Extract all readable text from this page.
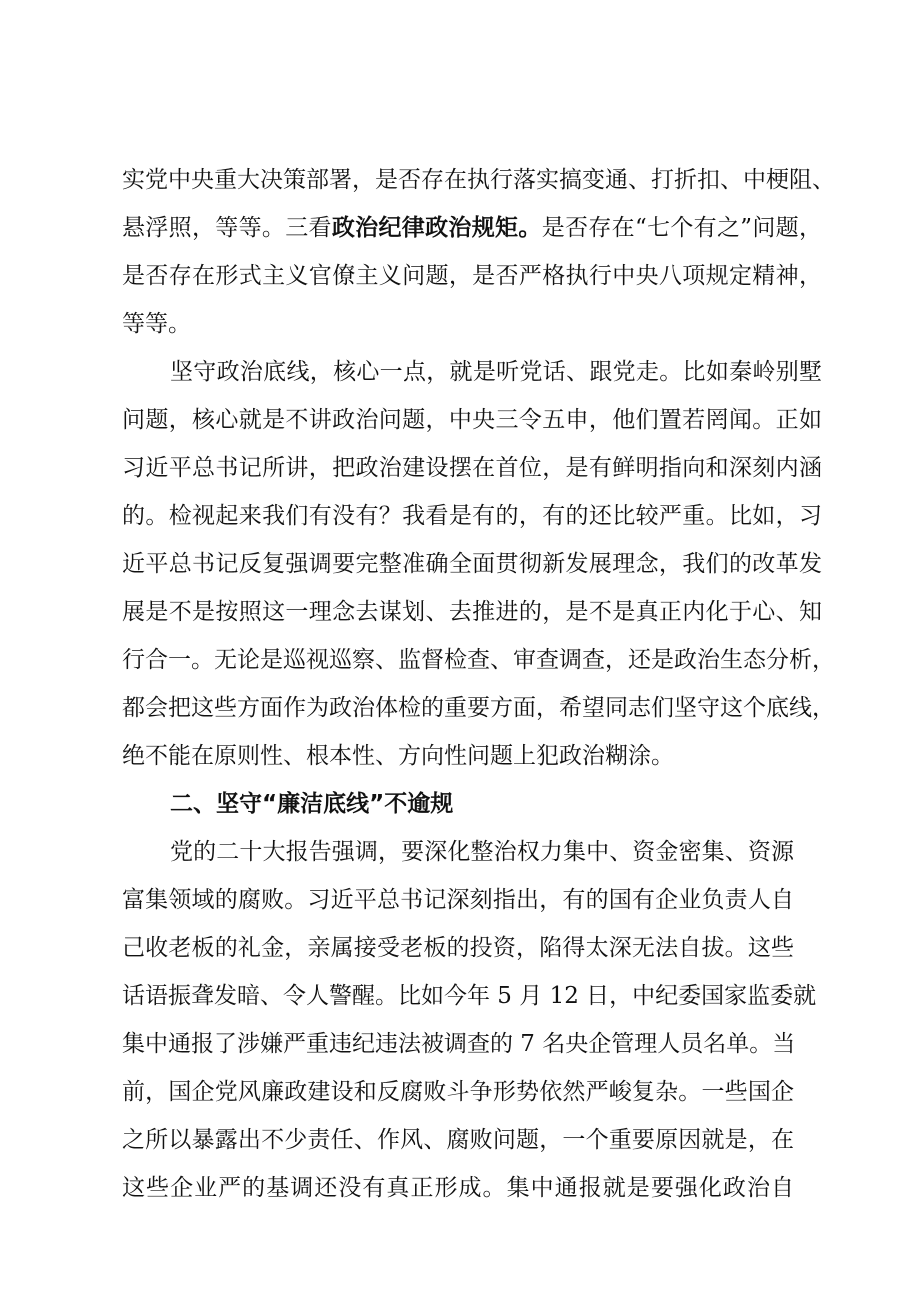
实党中央重大决策部署，是否存在执行落实搞变通、打折扣、中梗阻、
悬浮照，等等。三看政治纪律政治规矩。是否存在“七个有之”问题，
是否存在形式主义官僚主义问题，是否严格执行中央八项规定精神，
等等。
坚守政治底线，核心一点，就是听党话、跟党走。比如秦岭别墅
问题，核心就是不讲政治问题，中央三令五申，他们置若罔闻。正如
习近平总书记所讲，把政治建设摆在首位，是有鲜明指向和深刻内涵
的。检视起来我们有没有？我看是有的，有的还比较严重。比如，习
近平总书记反复强调要完整准确全面贯彻新发展理念，我们的改革发
展是不是按照这一理念去谋划、去推进的，是不是真正内化于心、知
行合一。无论是巡视巡察、监督检查、审查调查，还是政治生态分析，
都会把这些方面作为政治体检的重要方面，希望同志们坚守这个底线，
绝不能在原则性、根本性、方向性问题上犯政治糊涂。
二、坚守“廉洁底线”不逾规
党的二十大报告强调，要深化整治权力集中、资金密集、资源
富集领域的腐败。习近平总书记深刻指出，有的国有企业负责人自
己收老板的礼金，亲属接受老板的投资，陷得太深无法自拔。这些
话语振聋发暗、令人警醒。比如今年 5 月 12 日，中纪委国家监委就
集中通报了涉嫌严重违纪违法被调查的 7 名央企管理人员名单。当
前，国企党风廉政建设和反腐败斗争形势依然严峻复杂。一些国企
之所以暴露出不少责任、作风、腐败问题，一个重要原因就是，在
这些企业严的基调还没有真正形成。集中通报就是要强化政治自
